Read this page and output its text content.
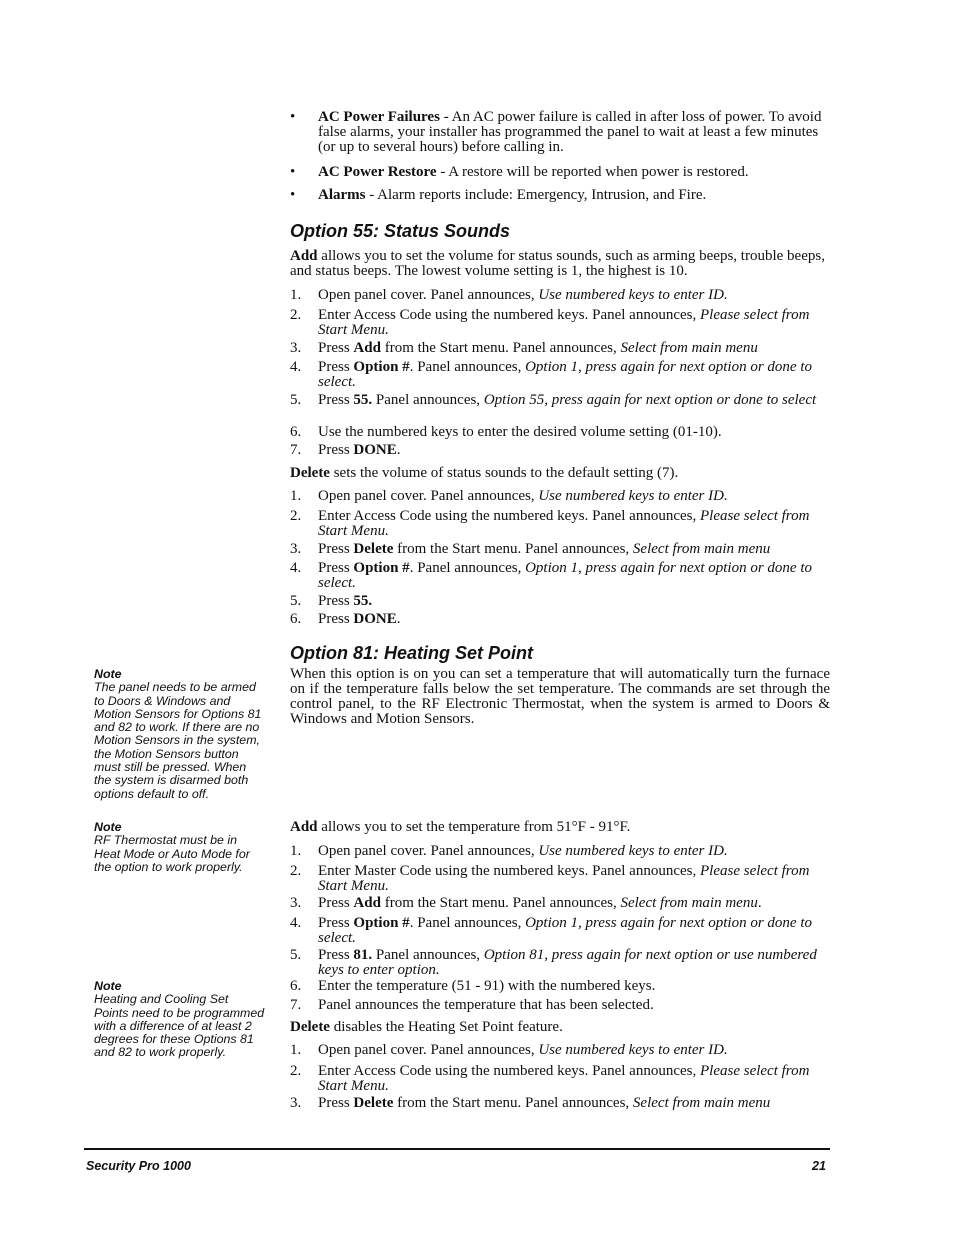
• AC Power Failures - An AC power failure is called in after loss of power. To avoid false alarms, your installer has programmed the panel to wait at least a few minutes (or up to several hours) before calling in.
• AC Power Restore - A restore will be reported when power is restored.
• Alarms - Alarm reports include: Emergency, Intrusion, and Fire.
Option 55: Status Sounds
Add allows you to set the volume for status sounds, such as arming beeps, trouble beeps, and status beeps. The lowest volume setting is 1, the highest is 10.
1. Open panel cover. Panel announces, Use numbered keys to enter ID.
2. Enter Access Code using the numbered keys. Panel announces, Please select from Start Menu.
3. Press Add from the Start menu. Panel announces, Select from main menu
4. Press Option #. Panel announces, Option 1, press again for next option or done to select.
5. Press 55. Panel announces, Option 55, press again for next option or done to select
6. Use the numbered keys to enter the desired volume setting (01-10).
7. Press DONE.
Delete sets the volume of status sounds to the default setting (7).
1. Open panel cover. Panel announces, Use numbered keys to enter ID.
2. Enter Access Code using the numbered keys. Panel announces, Please select from Start Menu.
3. Press Delete from the Start menu. Panel announces, Select from main menu
4. Press Option #. Panel announces, Option 1, press again for next option or done to select.
5. Press 55.
6. Press DONE.
Option 81: Heating Set Point
When this option is on you can set a temperature that will automatically turn the furnace on if the temperature falls below the set temperature. The commands are set through the control panel, to the RF Electronic Thermostat, when the system is armed to Doors & Windows and Motion Sensors.
Add allows you to set the temperature from 51°F - 91°F.
1. Open panel cover. Panel announces, Use numbered keys to enter ID.
2. Enter Master Code using the numbered keys. Panel announces, Please select from Start Menu.
3. Press Add from the Start menu. Panel announces, Select from main menu.
4. Press Option #. Panel announces, Option 1, press again for next option or done to select.
5. Press 81. Panel announces, Option 81, press again for next option or use numbered keys to enter option.
6. Enter the temperature (51 - 91) with the numbered keys.
7. Panel announces the temperature that has been selected.
Delete disables the Heating Set Point feature.
1. Open panel cover. Panel announces, Use numbered keys to enter ID.
2. Enter Access Code using the numbered keys. Panel announces, Please select from Start Menu.
3. Press Delete from the Start menu. Panel announces, Select from main menu
Note
The panel needs to be armed to Doors & Windows and Motion Sensors for Options 81 and 82 to work. If there are no Motion Sensors in the system, the Motion Sensors button must still be pressed. When the system is disarmed both options default to off.
Note
RF Thermostat must be in Heat Mode or Auto Mode for the option to work properly.
Note
Heating and Cooling Set Points need to be programmed with a difference of at least 2 degrees for these Options 81 and 82 to work properly.
Security Pro 1000	21
